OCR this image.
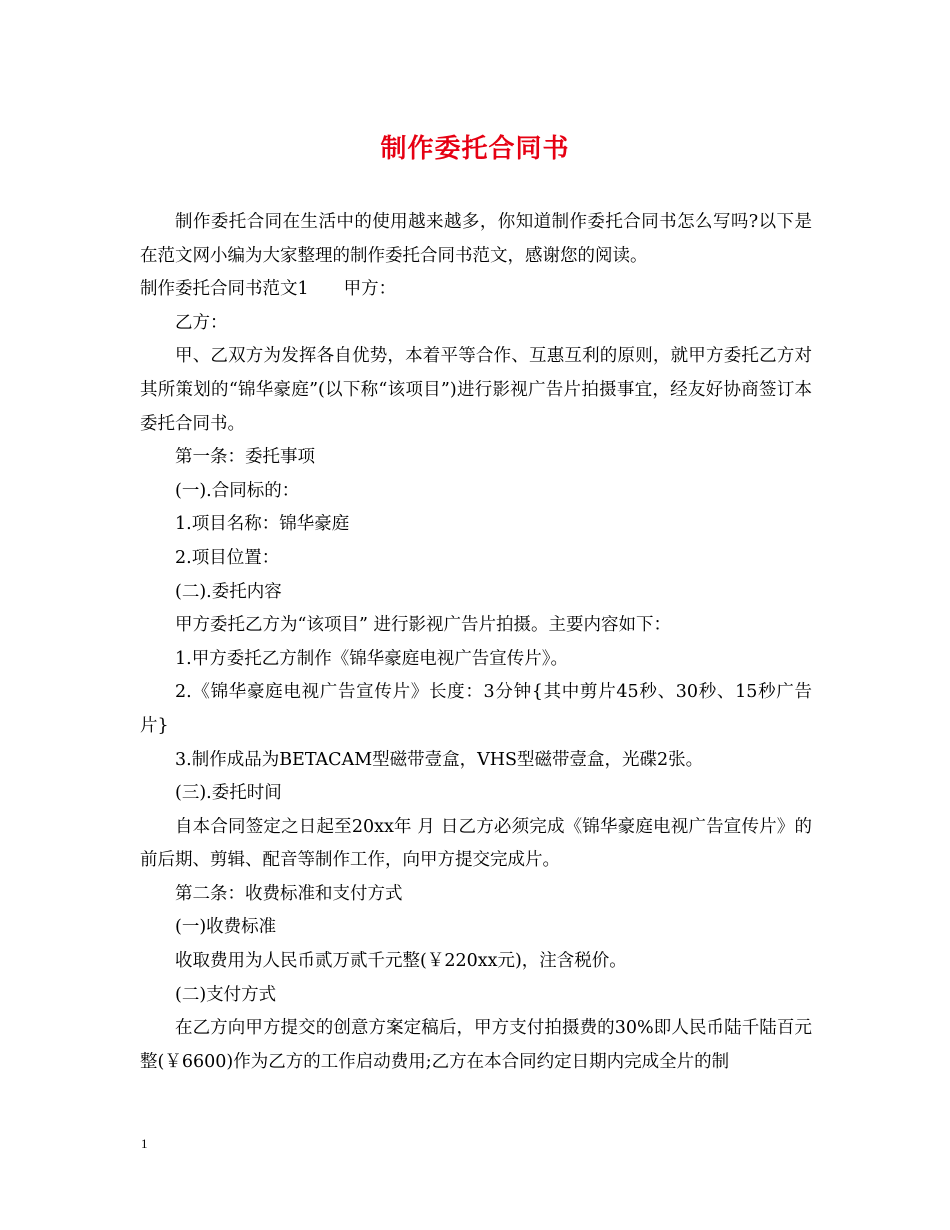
制作委托合同书

制作委托合同在生活中的使用越来越多，你知道制作委托合同书怎么写吗?以下是在范文网小编为大家整理的制作委托合同书范文，感谢您的阅读。

制作委托合同书范文1　　甲方：

乙方：

甲、乙双方为发挥各自优势，本着平等合作、互惠互利的原则，就甲方委托乙方对其所策划的“锦华豪庭”(以下称“该项目”)进行影视广告片拍摄事宜，经友好协商签订本委托合同书。

第一条：委托事项

(一).合同标的：

1.项目名称：锦华豪庭

2.项目位置：

(二).委托内容

甲方委托乙方为“该项目” 进行影视广告片拍摄。主要内容如下：

1.甲方委托乙方制作《锦华豪庭电视广告宣传片》。

2.《锦华豪庭电视广告宣传片》长度：3分钟{其中剪片45秒、30秒、15秒广告片}

3.制作成品为BETACAM型磁带壹盒，VHS型磁带壹盒，光碟2张。

(三).委托时间

自本合同签定之日起至20xx年 月 日乙方必须完成《锦华豪庭电视广告宣传片》的前后期、剪辑、配音等制作工作，向甲方提交完成片。

第二条：收费标准和支付方式

(一)收费标准

收取费用为人民币贰万贰千元整(￥220xx元)，注含税价。

(二)支付方式

在乙方向甲方提交的创意方案定稿后，甲方支付拍摄费的30%即人民币陆千陆百元整(￥6600)作为乙方的工作启动费用;乙方在本合同约定日期内完成全片的制

1
